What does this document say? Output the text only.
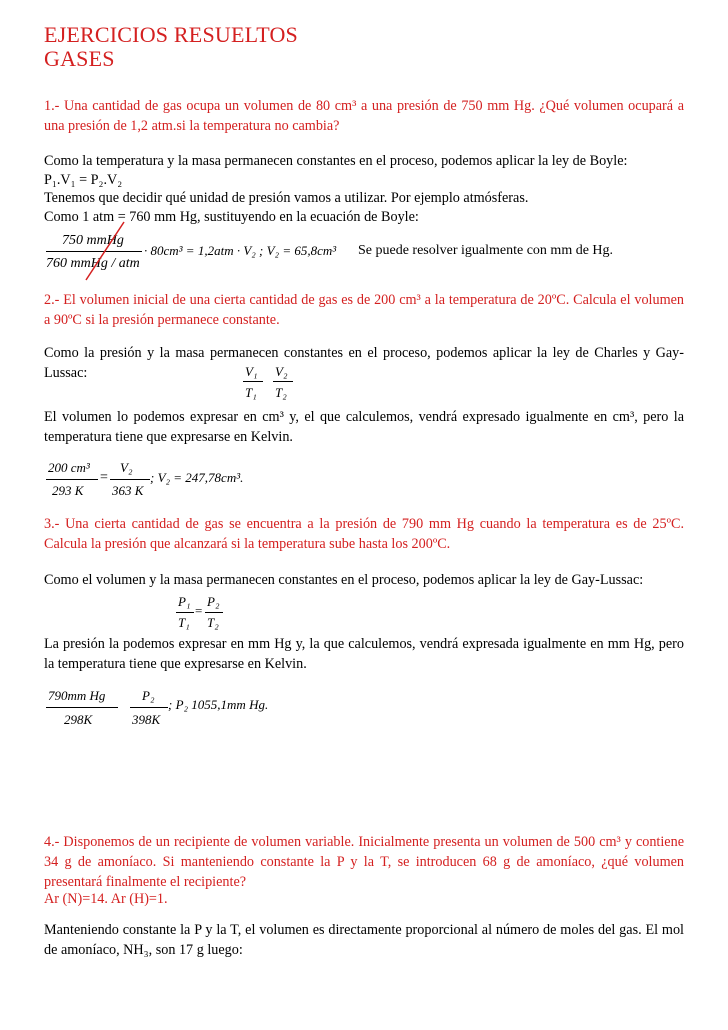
EJERCICIOS RESUELTOS
GASES
1.- Una cantidad de gas ocupa un volumen de 80 cm³ a una presión de 750 mm Hg. ¿Qué volumen ocupará a una presión de 1,2 atm.si la temperatura no cambia?
Como la temperatura y la masa permanecen constantes en el proceso, podemos aplicar la ley de Boyle:
P₁.V₁ = P₂.V₂
Tenemos que decidir qué unidad de presión vamos a utilizar. Por ejemplo atmósferas.
Como 1 atm = 760 mm Hg, sustituyendo en la ecuación de Boyle:
750 mmHg
760 mmHg / atm
· 80cm³ = 1,2atm · V₂ ; V₂ = 65,8cm³ Se puede resolver igualmente con mm de Hg.
2.- El volumen inicial de una cierta cantidad de gas es de 200 cm³ a la temperatura de 20ºC. Calcula el volumen a 90ºC si la presión permanece constante.
Como la presión y la masa permanecen constantes en el proceso, podemos aplicar la ley de Charles y Gay-Lussac:	V₁ V₂
T₁ T₂
El volumen lo podemos expresar en cm³ y, el que calculemos, vendrá expresado igualmente en cm³, pero la temperatura tiene que expresarse en Kelvin.
200 cm³
293 K
=
V₂
363 K
; V₂ = 247,78cm³.
3.- Una cierta cantidad de gas se encuentra a la presión de 790 mm Hg cuando la temperatura es de 25ºC. Calcula la presión que alcanzará si la temperatura sube hasta los 200ºC.
Como el volumen y la masa permanecen constantes en el proceso, podemos aplicar la ley de Gay-Lussac:
P₁ P₂
=
T₁ T₂
La presión la podemos expresar en mm Hg y, la que calculemos, vendrá expresada igualmente en mm Hg, pero la temperatura tiene que expresarse en Kelvin.
790mm Hg
298K
P₂
398K
; P₂ 1055,1mm Hg.
4.- Disponemos de un recipiente de volumen variable. Inicialmente presenta un volumen de 500 cm³ y contiene 34 g de amoníaco. Si manteniendo constante la P y la T, se introducen 68 g de amoníaco, ¿qué volumen presentará finalmente el recipiente?
Ar (N)=14. Ar (H)=1.
Manteniendo constante la P y la T, el volumen es directamente proporcional al número de moles del gas. El mol de amoníaco, NH₃, son 17 g luego:
